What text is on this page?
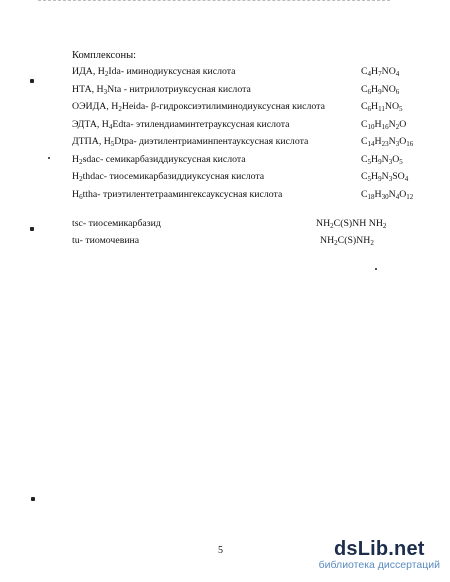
Комплексоны:
ИДА, $H_2Ida-$ иминодиуксусная кислота	$C_4H_7NO_4$
НТА, $H_3Nta$ - нитрилотриуксусная кислота	$C_6H_9NO_6$
ОЭИДА, $H_2Heida-$ β-гидроксиэтилиминодиуксусная кислота	$C_6H_{11}NO_5$
ЭДТА, $H_4Edta-$ этилендиаминтетрауксусная кислота	$C_{10}H_{16}N_2O$
ДТПА, $H_5Dtpa-$ диэтилентриаминпентауксусная кислота	$C_{14}H_{23}N_3O_{16}$
$H_2sdac-$ семикарбазиддиуксусная кислота	$C_5H_9N_3O_5$
$H_2thdac-$ тиосемикарбазиддиуксусная кислота	$C_5H_9N_3SO_4$
$H_6ttha-$ триэтилентетраамингексауксусная кислота	$C_{18}H_{30}N_4O_{12}$
tsc- тиосемикарбазид	$NH_2C(S)NH$ $NH_2$
tu- тиомочевина	$NH_2C(S)NH_2$
5	dsLib.net
библиотека диссертаций
